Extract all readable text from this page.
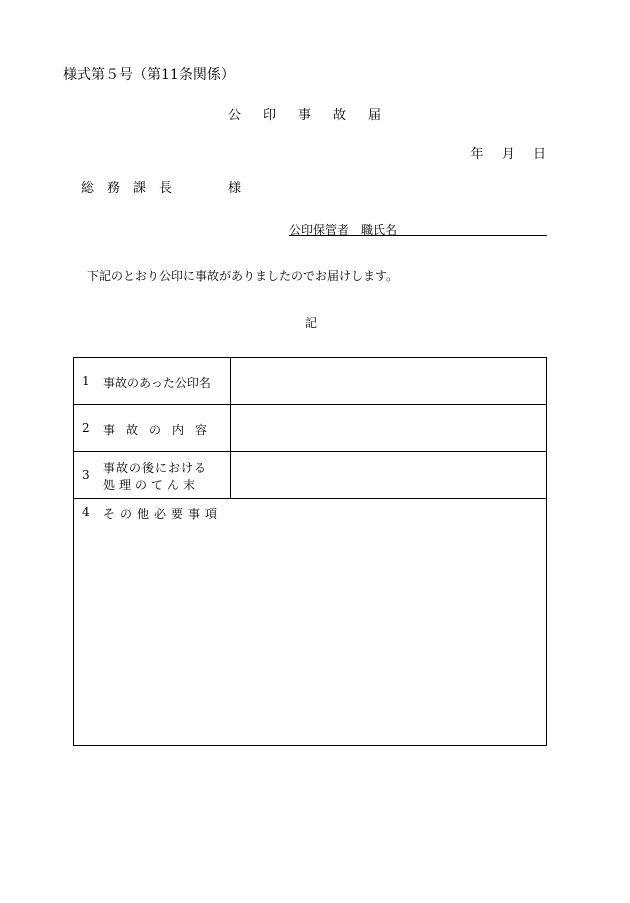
様式第５号（第11条関係）
公印事故届
年 月 日
総務課長	様
公印保管者　 職氏名
下記のとおり公印に事故がありましたのでお届けします。
記
1 事故のあった公印名
2 事故の内容
3 事故の後における
処理のてん末
4 その他必要事項
